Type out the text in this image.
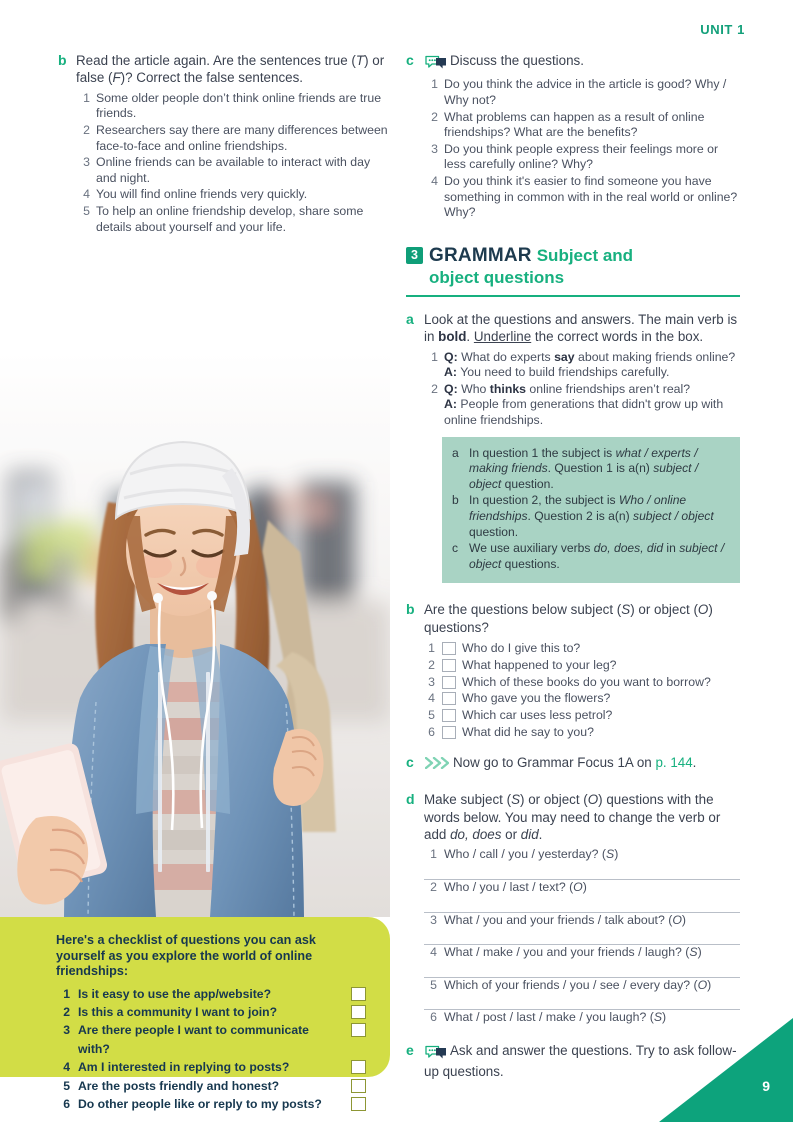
UNIT 1
b Read the article again. Are the sentences true (T) or false (F)? Correct the false sentences.
1 Some older people don’t think online friends are true friends.
2 Researchers say there are many differences between face-to-face and online friendships.
3 Online friends can be available to interact with day and night.
4 You will find online friends very quickly.
5 To help an online friendship develop, share some details about yourself and your life.
Here's a checklist of questions you can ask yourself as you explore the world of online friendships:
1 Is it easy to use the app/website?
2 Is this a community I want to join?
3 Are there people I want to communicate with?
4 Am I interested in replying to posts?
5 Are the posts friendly and honest?
6 Do other people like or reply to my posts?
c	Discuss the questions.
1 Do you think the advice in the article is good? Why / Why not?
2 What problems can happen as a result of online friendships? What are the benefits?
3 Do you think people express their feelings more or less carefully online? Why?
4 Do you think it's easier to find someone you have something in common with in the real world or online? Why?
3 GRAMMAR Subject and
object questions
a Look at the questions and answers. The main verb is in bold. Underline the correct words in the box.
1 Q: What do experts say about making friends online?
A: You need to build friendships carefully.
2 Q: Who thinks online friendships aren’t real?
A: People from generations that didn't grow up with online friendships.
a In question 1 the subject is what / experts / making friends. Question 1 is a(n) subject / object question.
b In question 2, the subject is Who / online friendships. Question 2 is a(n) subject / object question.
c We use auxiliary verbs do, does, did in subject / object questions.
b Are the questions below subject (S) or object (O) questions?
1 Who do I give this to?
2 What happened to your leg?
3 Which of these books do you want to borrow?
4 Who gave you the flowers?
5 Which car uses less petrol?
6 What did he say to you?
c	Now go to Grammar Focus 1A on p. 144.
d Make subject (S) or object (O) questions with the words below. You may need to change the verb or add do, does or did.
1 Who / call / you / yesterday? (S)
2 Who / you / last / text? (O)
3 What / you and your friends / talk about? (O)
4 What / make / you and your friends / laugh? (S)
5 Which of your friends / you / see / every day? (O)
6 What / post / last / make / you laugh? (S)
e	Ask and answer the questions. Try to ask follow-up questions.
9
